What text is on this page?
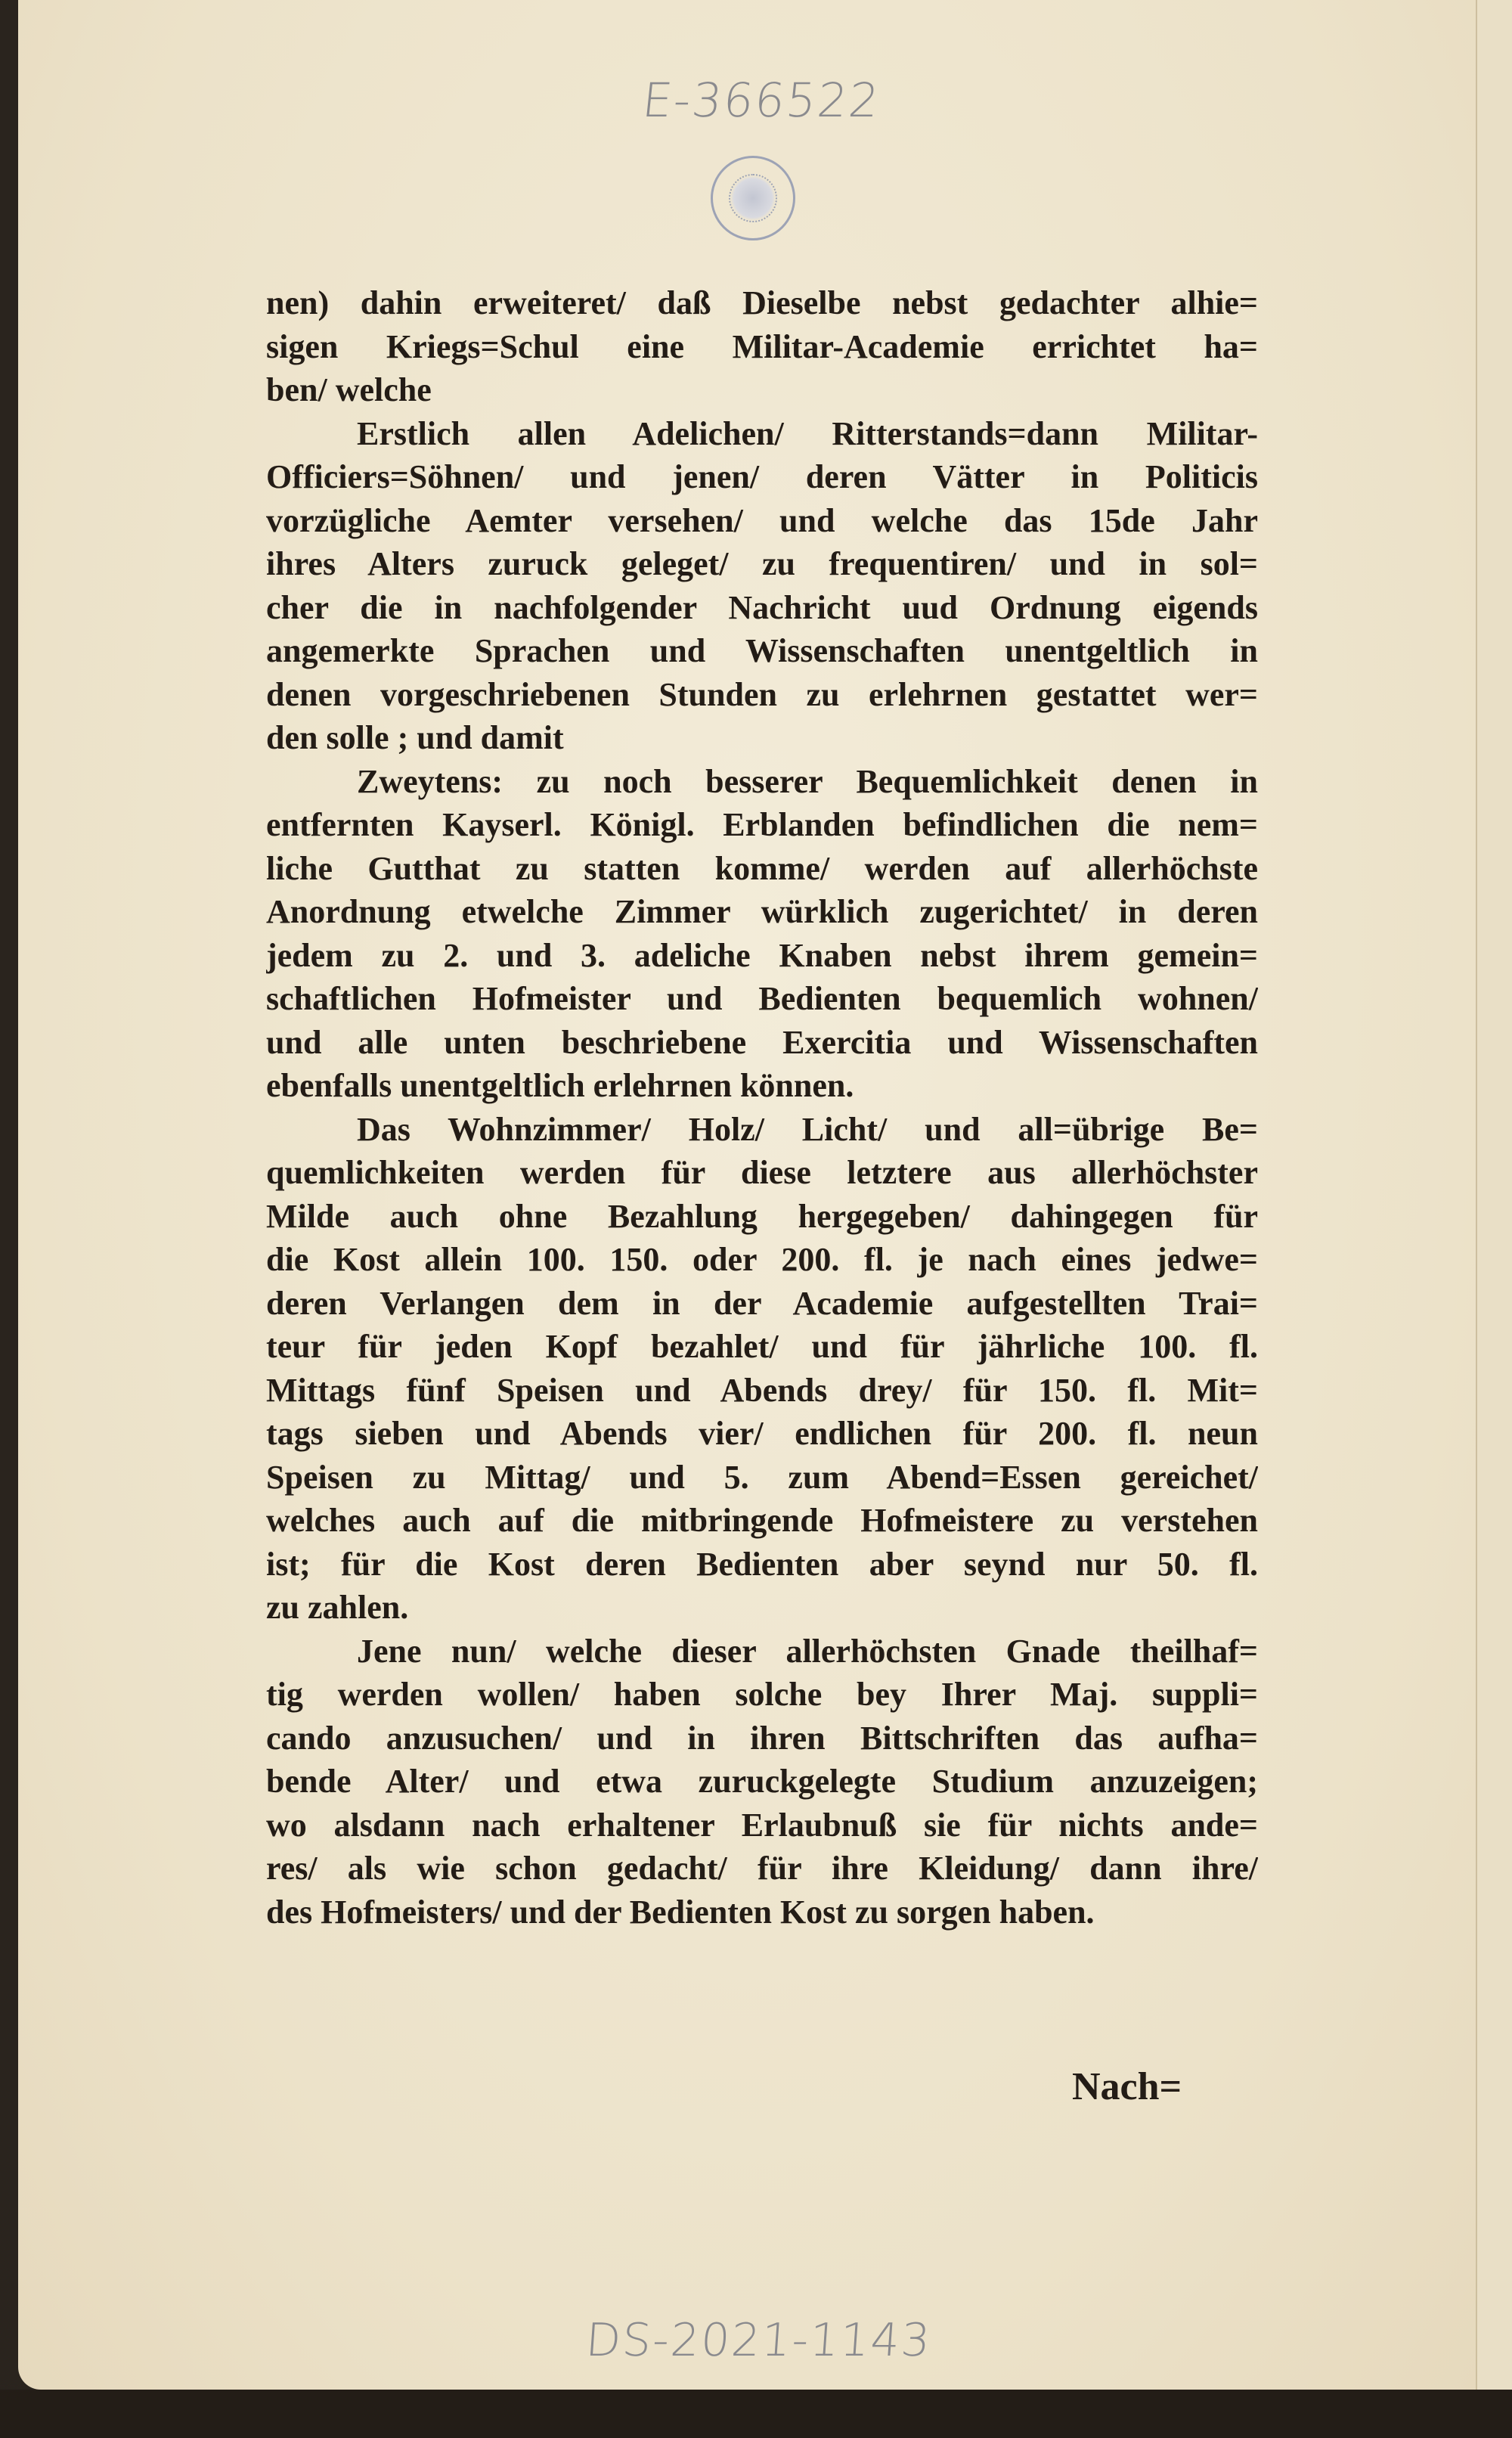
E-366522
nen) dahin erweiteret/ daß Dieselbe nebst gedachter alhie=
sigen Kriegs=Schul eine Militar-Academie errichtet ha=
ben/ welche
Erstlich allen Adelichen/ Ritterstands=dann Militar-
Officiers=Söhnen/ und jenen/ deren Vätter in Politicis
vorzügliche Aemter versehen/ und welche das 15de Jahr
ihres Alters zuruck geleget/ zu frequentiren/ und in sol=
cher die in nachfolgender Nachricht uud Ordnung eigends
angemerkte Sprachen und Wissenschaften unentgeltlich in
denen vorgeschriebenen Stunden zu erlehrnen gestattet wer=
den solle ; und damit
Zweytens: zu noch besserer Bequemlichkeit denen in
entfernten Kayserl. Königl. Erblanden befindlichen die nem=
liche Gutthat zu statten komme/ werden auf allerhöchste
Anordnung etwelche Zimmer würklich zugerichtet/ in deren
jedem zu 2. und 3. adeliche Knaben nebst ihrem gemein=
schaftlichen Hofmeister und Bedienten bequemlich wohnen/
und alle unten beschriebene Exercitia und Wissenschaften
ebenfalls unentgeltlich erlehrnen können.
Das Wohnzimmer/ Holz/ Licht/ und all=übrige Be=
quemlichkeiten werden für diese letztere aus allerhöchster
Milde auch ohne Bezahlung hergegeben/ dahingegen für
die Kost allein 100. 150. oder 200. fl. je nach eines jedwe=
deren Verlangen dem in der Academie aufgestellten Trai=
teur für jeden Kopf bezahlet/ und für jährliche 100. fl.
Mittags fünf Speisen und Abends drey/ für 150. fl. Mit=
tags sieben und Abends vier/ endlichen für 200. fl. neun
Speisen zu Mittag/ und 5. zum Abend=Essen gereichet/
welches auch auf die mitbringende Hofmeistere zu verstehen
ist; für die Kost deren Bedienten aber seynd nur 50. fl.
zu zahlen.
Jene nun/ welche dieser allerhöchsten Gnade theilhaf=
tig werden wollen/ haben solche bey Ihrer Maj. suppli=
cando anzusuchen/ und in ihren Bittschriften das aufha=
bende Alter/ und etwa zuruckgelegte Studium anzuzeigen;
wo alsdann nach erhaltener Erlaubnuß sie für nichts ande=
res/ als wie schon gedacht/ für ihre Kleidung/ dann ihre/
des Hofmeisters/ und der Bedienten Kost zu sorgen haben.
Nach=
DS-2021-1143
